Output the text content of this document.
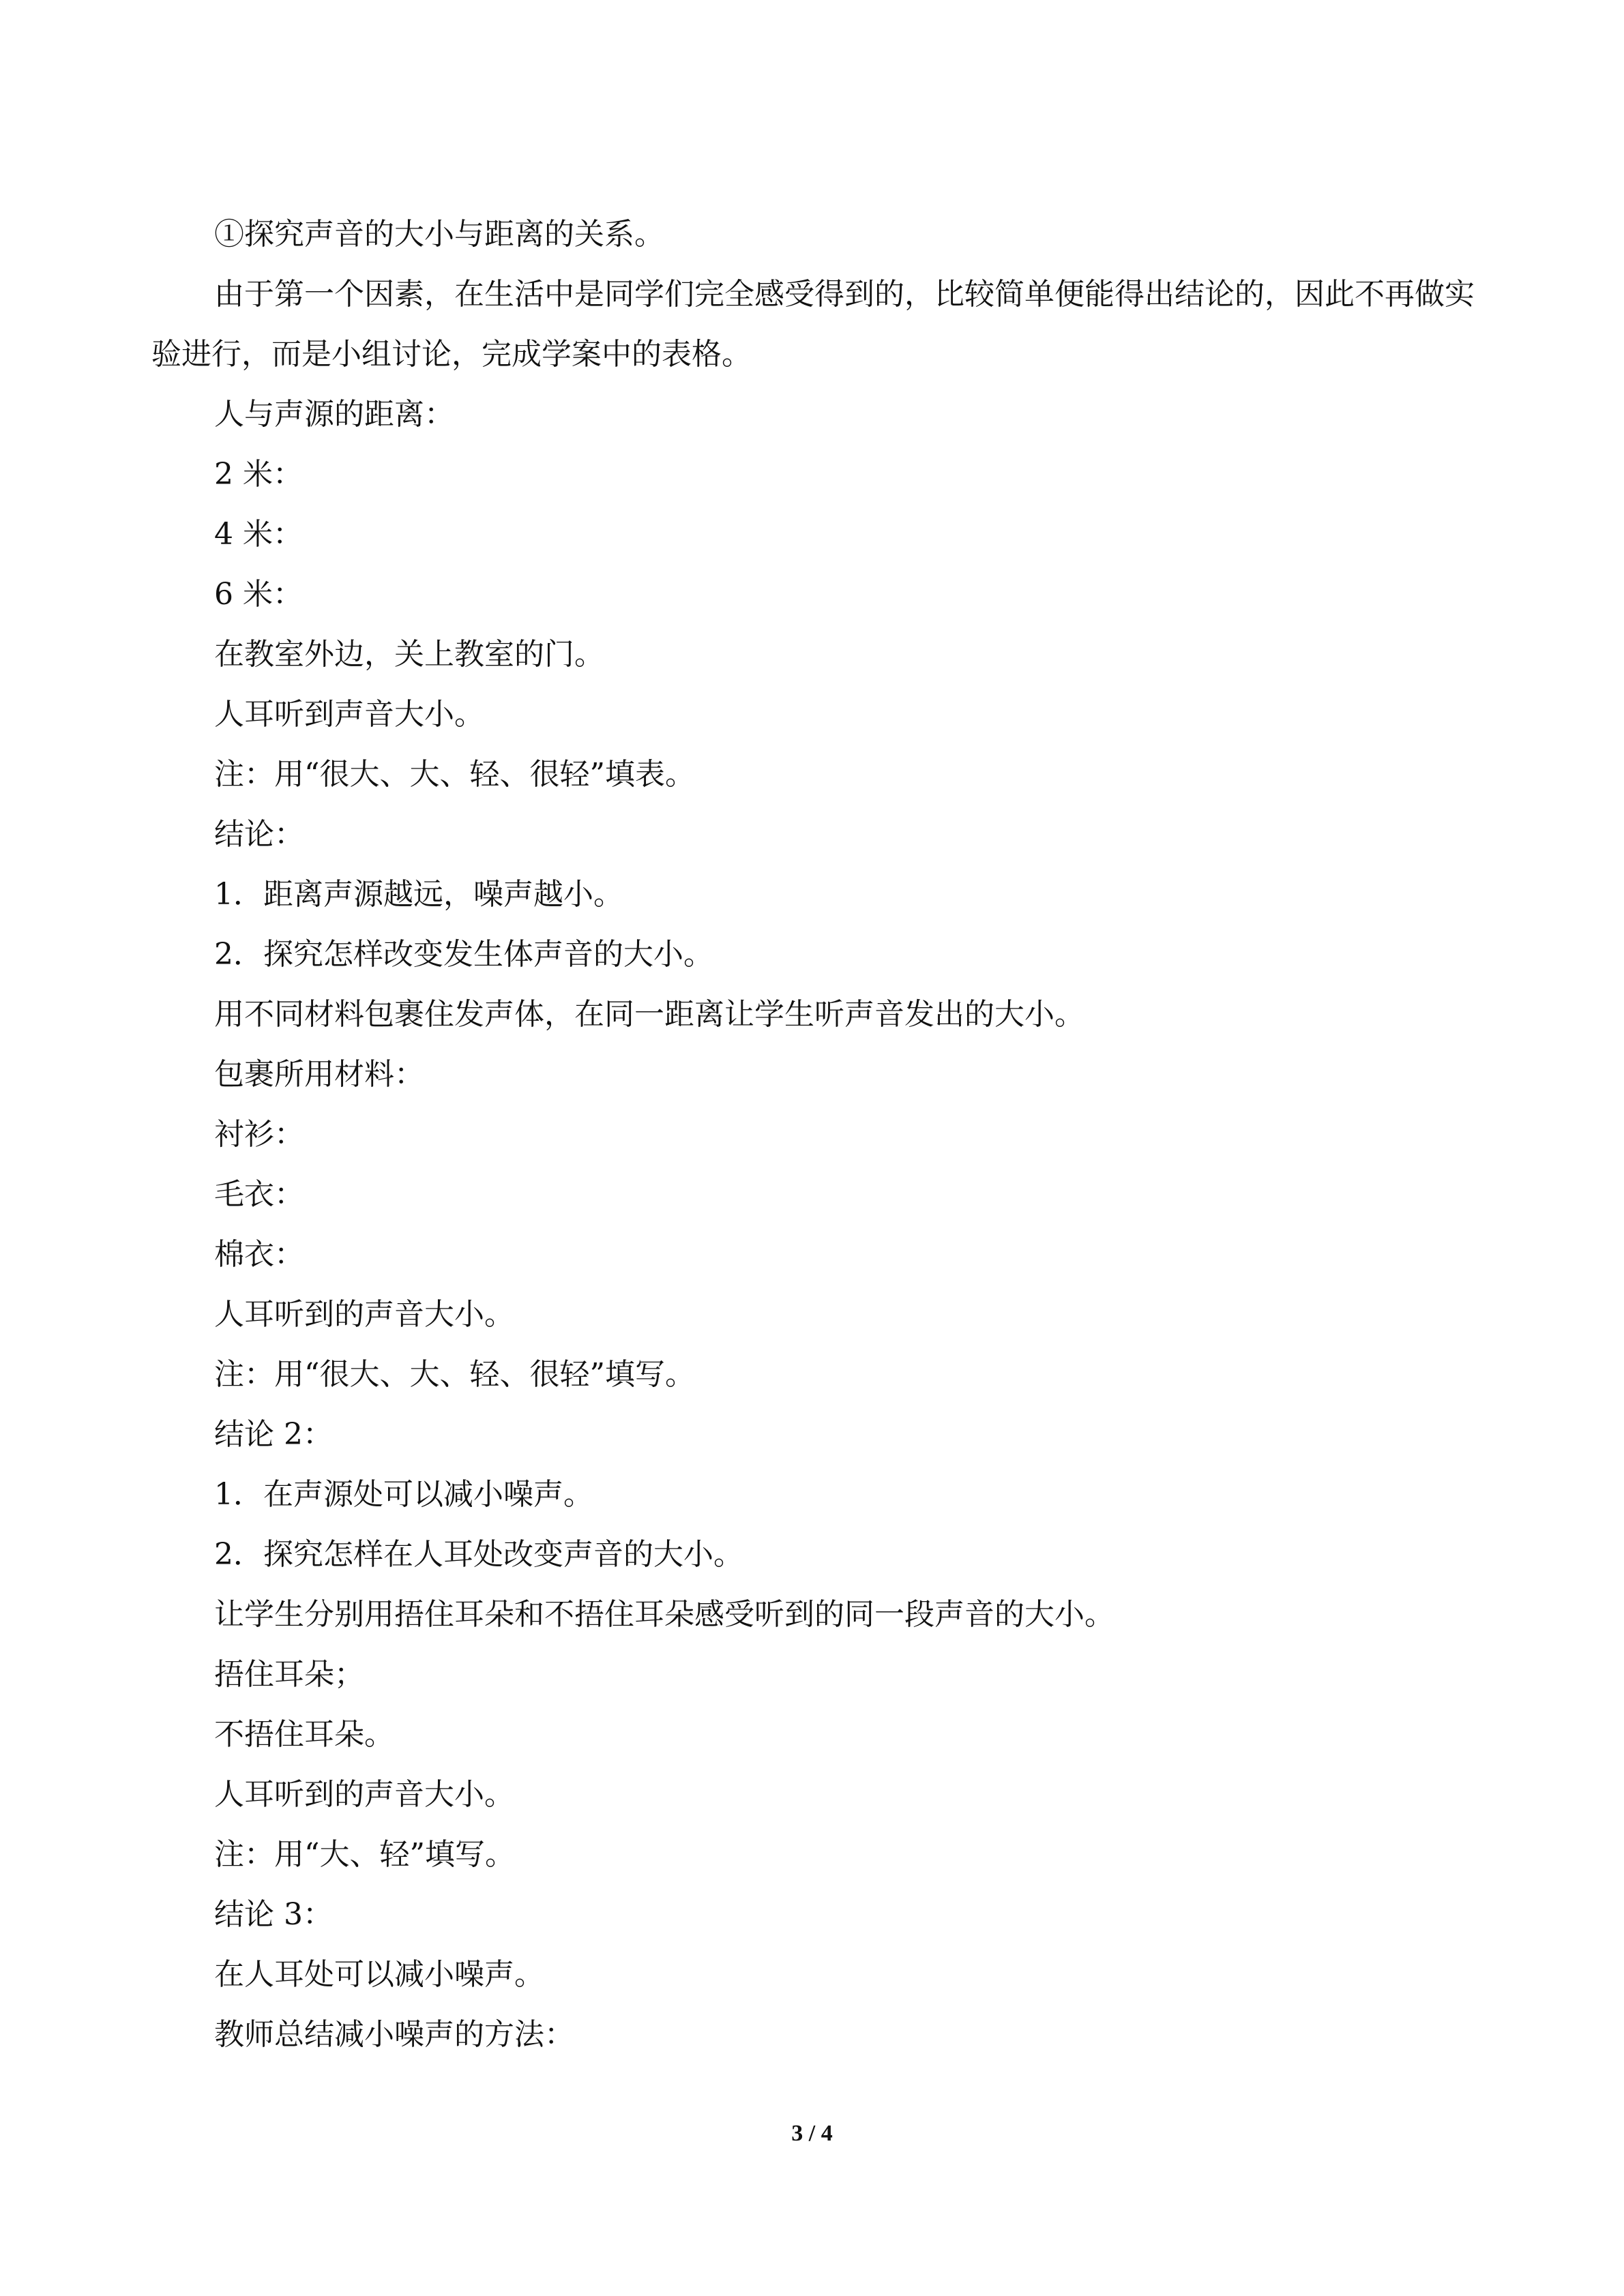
①探究声音的大小与距离的关系。

由于第一个因素，在生活中是同学们完全感受得到的，比较简单便能得出结论的，因此不再做实验进行，而是小组讨论，完成学案中的表格。

人与声源的距离：

2 米：

4 米：

6 米：

在教室外边，关上教室的门。

人耳听到声音大小。

注：用“很大、大、轻、很轻”填表。

结论：

1．距离声源越远，噪声越小。

2．探究怎样改变发生体声音的大小。

用不同材料包裹住发声体，在同一距离让学生听声音发出的大小。

包裹所用材料：

衬衫：

毛衣：

棉衣：

人耳听到的声音大小。

注：用“很大、大、轻、很轻”填写。

结论 2：

1．在声源处可以减小噪声。

2．探究怎样在人耳处改变声音的大小。

让学生分别用捂住耳朵和不捂住耳朵感受听到的同一段声音的大小。

捂住耳朵；

不捂住耳朵。

人耳听到的声音大小。

注：用“大、轻”填写。

结论 3：

在人耳处可以减小噪声。

教师总结减小噪声的方法：

3 / 4
